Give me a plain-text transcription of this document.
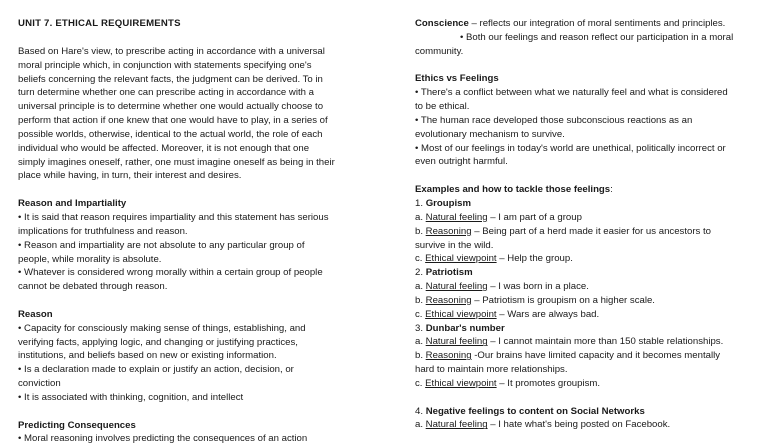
UNIT 7. ETHICAL REQUIREMENTS

Based on Hare's view, to prescribe acting in accordance with a universal

moral principle which, in conjunction with statements specifying one's

beliefs concerning the relevant facts, the judgment can be derived. To in

turn determine whether one can prescribe acting in accordance with a

universal principle is to determine whether one would actually choose to

perform that action if one knew that one would have to play, in a series of

possible worlds, otherwise, identical to the actual world, the role of each

individual who would be affected. Moreover, it is not enough that one

simply imagines oneself, rather, one must imagine oneself as being in their

place while having, in turn, their interest and desires.

Reason and Impartiality

• It is said that reason requires impartiality and this statement has serious

implications for truthfulness and reason.

• Reason and impartiality are not absolute to any particular group of

people, while morality is absolute.

• Whatever is considered wrong morally within a certain group of people

cannot be debated through reason.

Reason

• Capacity for consciously making sense of things, establishing, and

verifying facts, applying logic, and changing or justifying practices,

institutions, and beliefs based on new or existing information.

• Is a declaration made to explain or justify an action, decision, or

conviction

• It is associated with thinking, cognition, and intellect

Predicting Consequences

• Moral reasoning involves predicting the consequences of an action

Conscience – reflects our integration of moral sentiments and principles.

• Both our feelings and reason reflect our participation in a moral

community.

Ethics vs Feelings

• There's a conflict between what we naturally feel and what is considered

to be ethical.

• The human race developed those subconscious reactions as an

evolutionary mechanism to survive.

• Most of our feelings in today's world are unethical, politically incorrect or

even outright harmful.

Examples and how to tackle those feelings:

1. Groupism

a. Natural feeling – I am part of a group

b. Reasoning – Being part of a herd made it easier for us ancestors to

survive in the wild.

c. Ethical viewpoint – Help the group.

2. Patriotism

a. Natural feeling – I was born in a place.

b. Reasoning – Patriotism is groupism on a higher scale.

c. Ethical viewpoint – Wars are always bad.

3. Dunbar's number

a. Natural feeling – I cannot maintain more than 150 stable relationships.

b. Reasoning -Our brains have limited capacity and it becomes mentally

hard to maintain more relationships.

c. Ethical viewpoint – It promotes groupism.

4. Negative feelings to content on Social Networks

a. Natural feeling – I hate what's being posted on Facebook.
